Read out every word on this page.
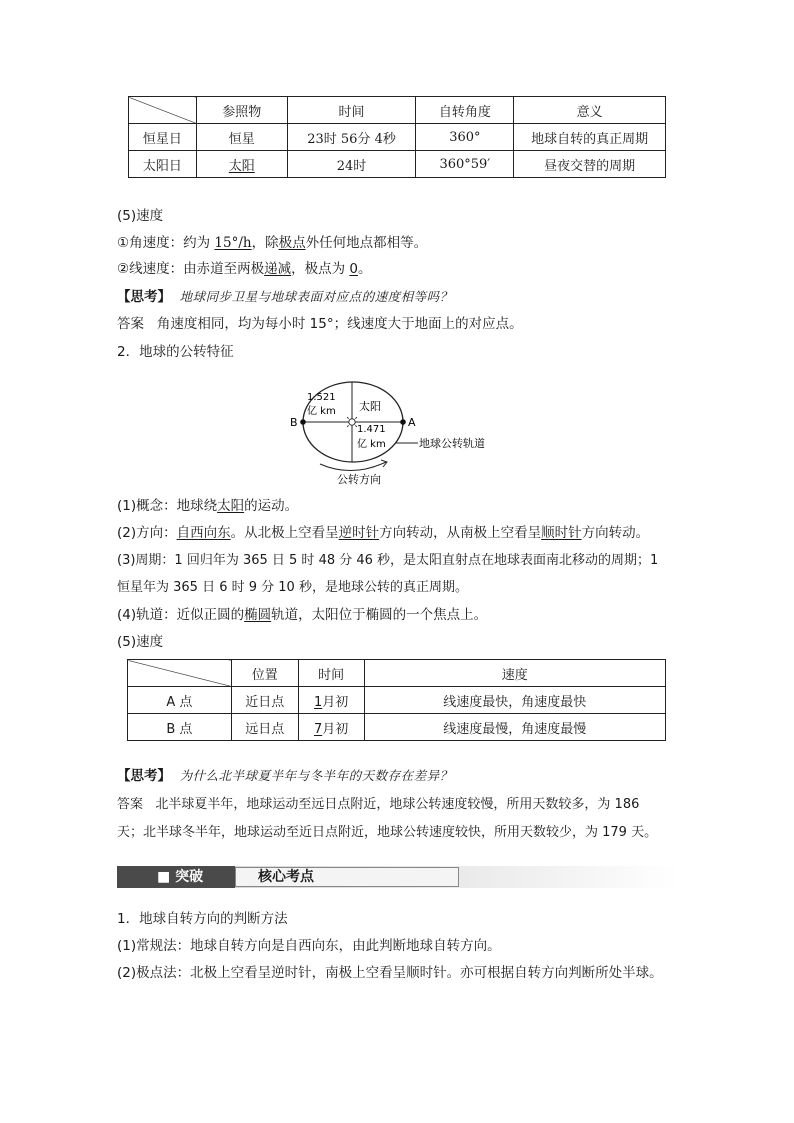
	参照物	时间	自转角度	意义
恒星日	恒星	23时 56分 4秒	360°	地球自转的真正周期
太阳日	太阳	24时	360°59′	昼夜交替的周期
(5)速度
①角速度：约为 15°/h，除极点外任何地点都相等。
②线速度：由赤道至两极递减，极点为 0。
【思考】 地球同步卫星与地球表面对应点的速度相等吗？
答案 角速度相同，均为每小时 15°；线速度大于地面上的对应点。
2．地球的公转特征
B	A
1.521
亿 km 太阳
1.471
亿 km	地球公转轨道
公转方向
(1)概念：地球绕太阳的运动。
(2)方向：自西向东。从北极上空看呈逆时针方向转动，从南极上空看呈顺时针方向转动。
(3)周期：1 回归年为 365 日 5 时 48 分 46 秒，是太阳直射点在地球表面南北移动的周期；1
恒星年为 365 日 6 时 9 分 10 秒，是地球公转的真正周期。
(4)轨道：近似正圆的椭圆轨道，太阳位于椭圆的一个焦点上。
(5)速度
	位置	时间	速度
A 点	近日点	1月初	线速度最快，角速度最快
B 点	远日点	7月初	线速度最慢，角速度最慢
【思考】 为什么北半球夏半年与冬半年的天数存在差异？
答案 北半球夏半年，地球运动至远日点附近，地球公转速度较慢，所用天数较多，为 186
天；北半球冬半年，地球运动至近日点附近，地球公转速度较快，所用天数较少，为 179 天。
■ 突破	核心考点
1．地球自转方向的判断方法
(1)常规法：地球自转方向是自西向东，由此判断地球自转方向。
(2)极点法：北极上空看呈逆时针，南极上空看呈顺时针。亦可根据自转方向判断所处半球。
